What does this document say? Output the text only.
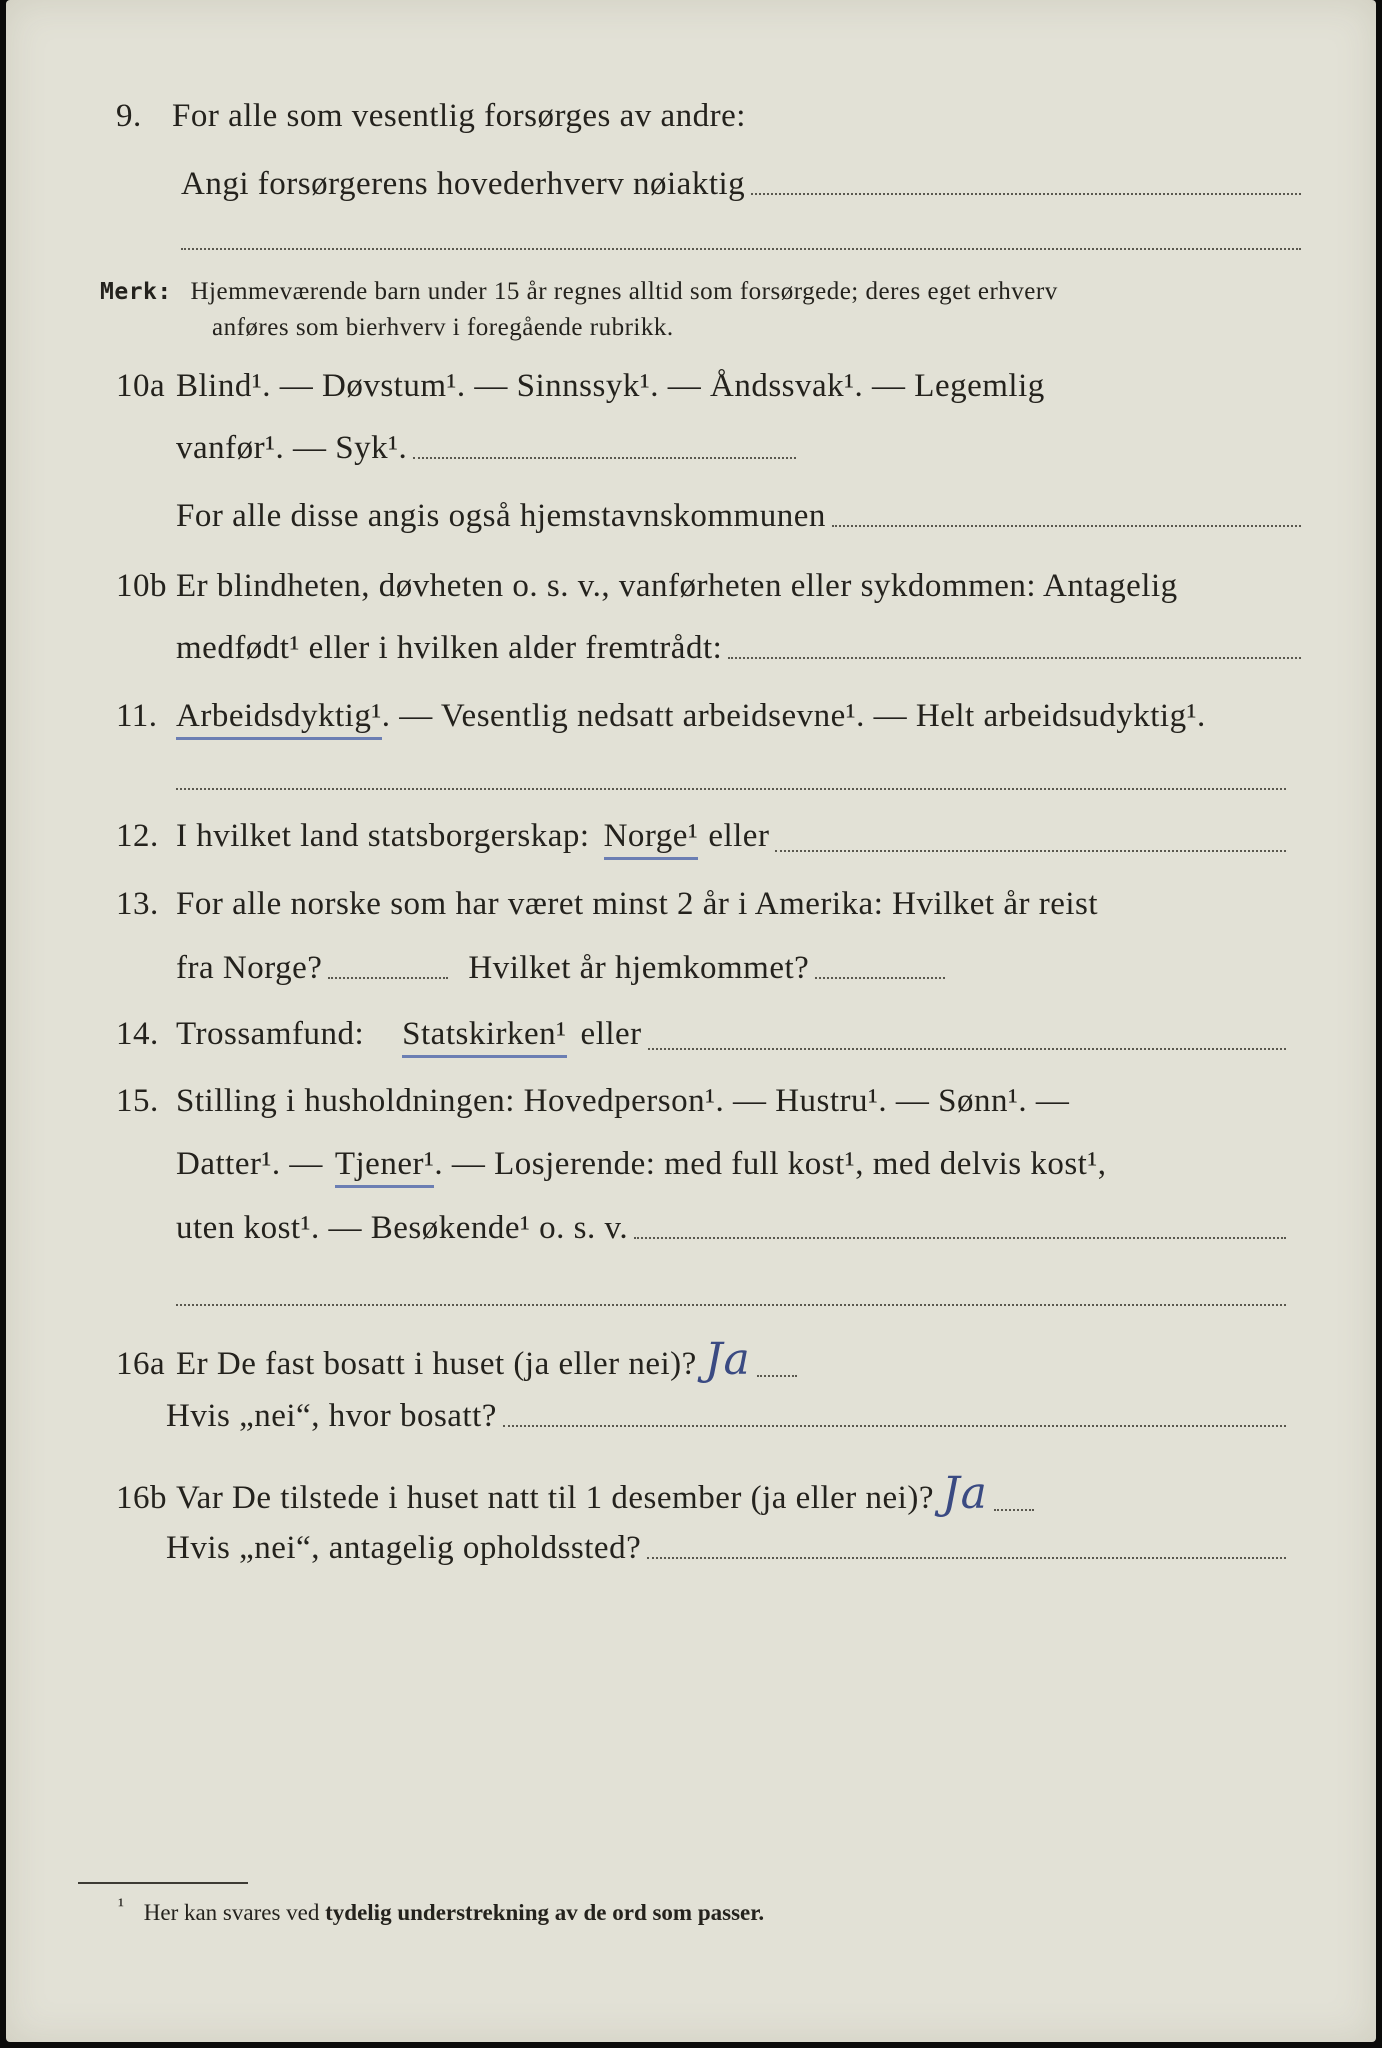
9. For alle som vesentlig forsørges av andre:
Angi forsørgerens hovederhverv nøiaktig
Merk: Hjemmeværende barn under 15 år regnes alltid som forsørgede; deres eget erhverv
anføres som bierhverv i foregående rubrikk.
10a Blind¹. — Døvstum¹. — Sinnssyk¹. — Åndssvak¹. — Legemlig
vanfør¹. — Syk¹.
For alle disse angis også hjemstavnskommunen
10b Er blindheten, døvheten o. s. v., vanførheten eller sykdommen: Antagelig
medfødt¹ eller i hvilken alder fremtrådt:
11. Arbeidsdyktig¹ . — Vesentlig nedsatt arbeidsevne¹. — Helt arbeidsudyktig¹.
12. I hvilket land statsborgerskap: Norge¹ eller
13. For alle norske som har været minst 2 år i Amerika: Hvilket år reist
fra Norge?	Hvilket år hjemkommet?
14. Trossamfund: Statskirken¹ eller
15. Stilling i husholdningen: Hovedperson¹. — Hustru¹. — Sønn¹. —
Datter¹. — Tjener¹ . — Losjerende: med full kost¹, med delvis kost¹,
uten kost¹. — Besøkende¹ o. s. v.
16a Er De fast bosatt i huset (ja eller nei)? Ja
Hvis „nei“, hvor bosatt?
16b Var De tilstede i huset natt til 1 desember (ja eller nei)? Ja
Hvis „nei“, antagelig opholdssted?
¹ Her kan svares ved tydelig understrekning av de ord som passer.
